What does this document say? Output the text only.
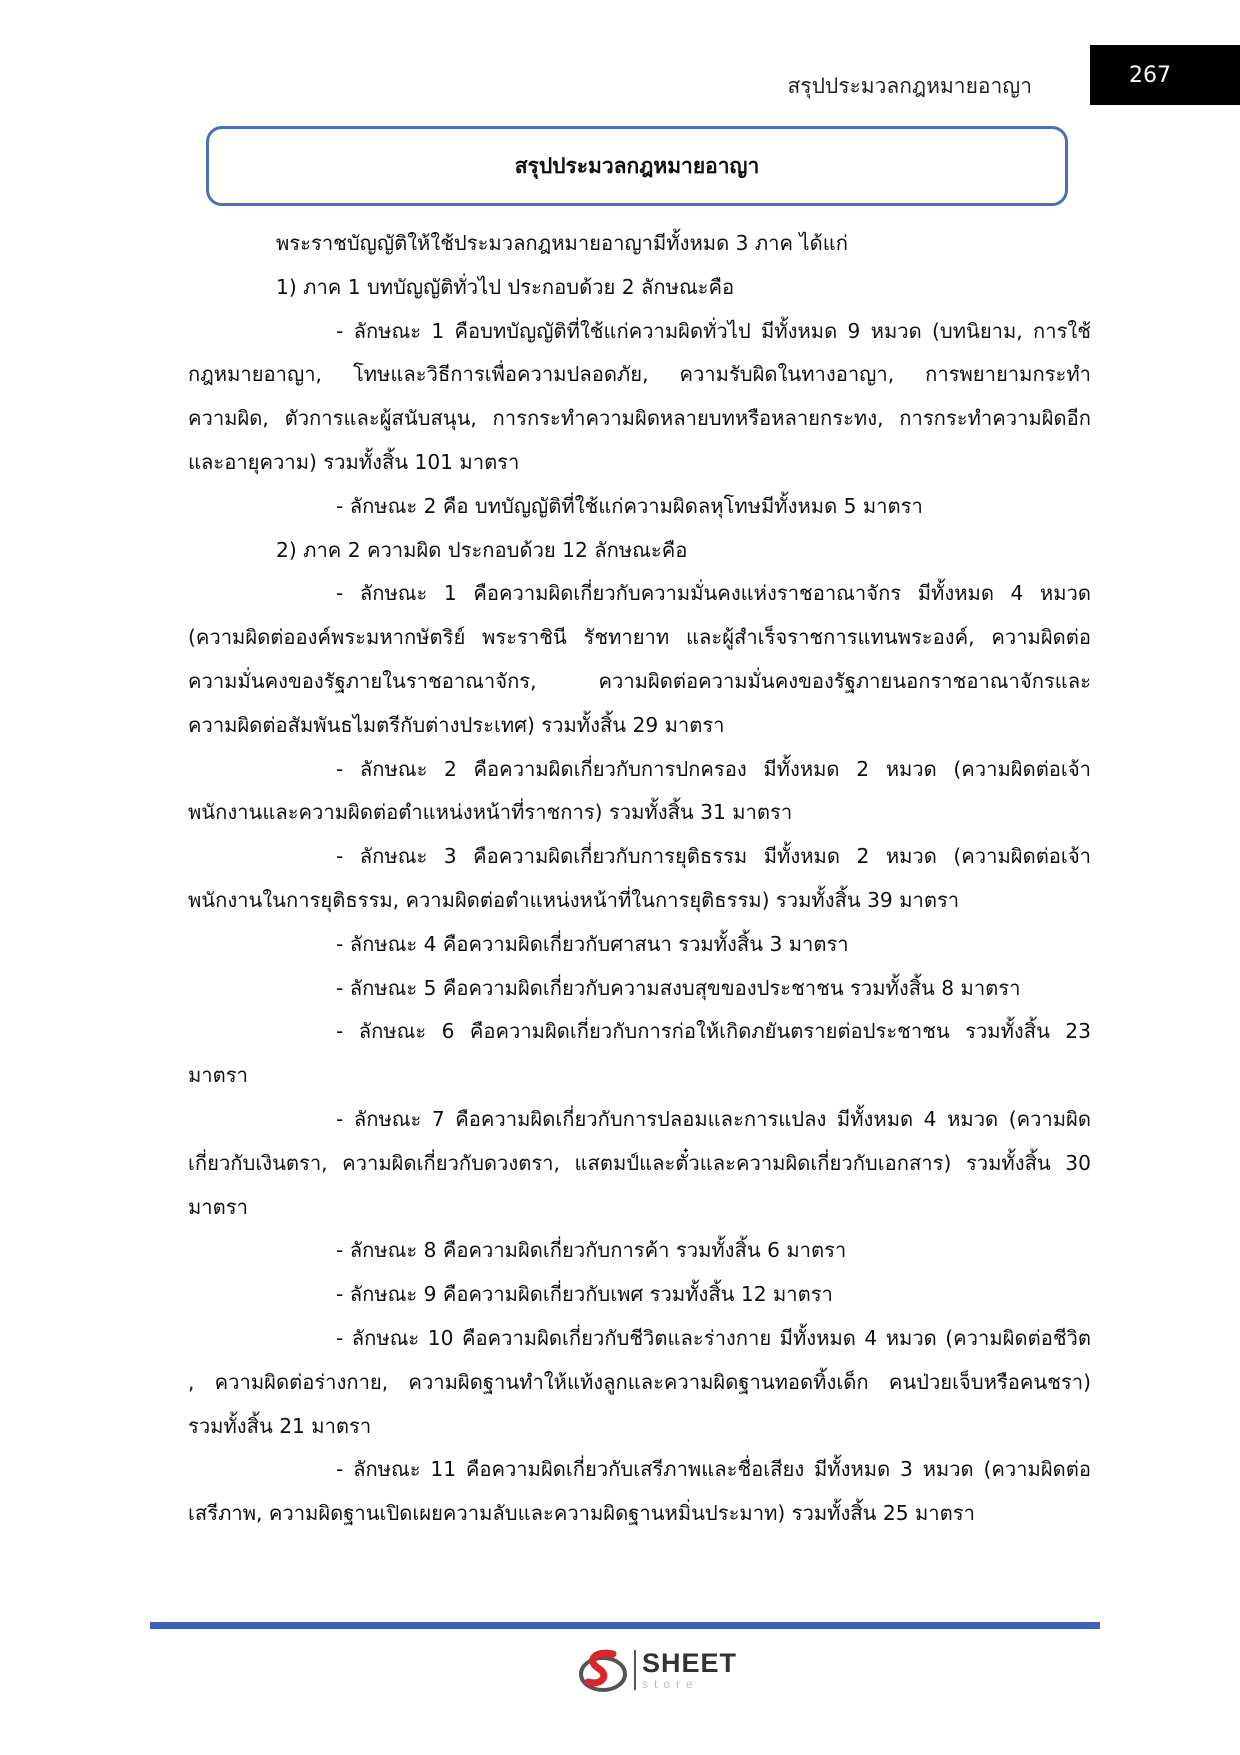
สรุปประมวลกฎหมายอาญา	267
สรุปประมวลกฎหมายอาญา
พระราชบัญญัติให้ใช้ประมวลกฎหมายอาญามีทั้งหมด 3 ภาค ได้แก่
1) ภาค 1 บทบัญญัติทั่วไป ประกอบด้วย 2 ลักษณะคือ
- ลักษณะ 1 คือบทบัญญัติที่ใช้แก่ความผิดทั่วไป มีทั้งหมด 9 หมวด (บทนิยาม, การใช้
กฎหมายอาญา, โทษและวิธีการเพื่อความปลอดภัย, ความรับผิดในทางอาญา, การพยายามกระทำ
ความผิด, ตัวการและผู้สนับสนุน, การกระทำความผิดหลายบทหรือหลายกระทง, การกระทำความผิดอีก
และอายุความ) รวมทั้งสิ้น 101 มาตรา
- ลักษณะ 2 คือ บทบัญญัติที่ใช้แก่ความผิดลหุโทษมีทั้งหมด 5 มาตรา
2) ภาค 2 ความผิด ประกอบด้วย 12 ลักษณะคือ
- ลักษณะ 1 คือความผิดเกี่ยวกับความมั่นคงแห่งราชอาณาจักร มีทั้งหมด 4 หมวด
(ความผิดต่อองค์พระมหากษัตริย์ พระราชินี รัชทายาท และผู้สำเร็จราชการแทนพระองค์, ความผิดต่อ
ความมั่นคงของรัฐภายในราชอาณาจักร, ความผิดต่อความมั่นคงของรัฐภายนอกราชอาณาจักรและ
ความผิดต่อสัมพันธไมตรีกับต่างประเทศ) รวมทั้งสิ้น 29 มาตรา
- ลักษณะ 2 คือความผิดเกี่ยวกับการปกครอง มีทั้งหมด 2 หมวด (ความผิดต่อเจ้า
พนักงานและความผิดต่อตำแหน่งหน้าที่ราชการ) รวมทั้งสิ้น 31 มาตรา
- ลักษณะ 3 คือความผิดเกี่ยวกับการยุติธรรม มีทั้งหมด 2 หมวด (ความผิดต่อเจ้า
พนักงานในการยุติธรรม, ความผิดต่อตำแหน่งหน้าที่ในการยุติธรรม) รวมทั้งสิ้น 39 มาตรา
- ลักษณะ 4 คือความผิดเกี่ยวกับศาสนา รวมทั้งสิ้น 3 มาตรา
- ลักษณะ 5 คือความผิดเกี่ยวกับความสงบสุขของประชาชน รวมทั้งสิ้น 8 มาตรา
- ลักษณะ 6 คือความผิดเกี่ยวกับการก่อให้เกิดภยันตรายต่อประชาชน รวมทั้งสิ้น 23
มาตรา
- ลักษณะ 7 คือความผิดเกี่ยวกับการปลอมและการแปลง มีทั้งหมด 4 หมวด (ความผิด
เกี่ยวกับเงินตรา, ความผิดเกี่ยวกับดวงตรา, แสตมป์และตั๋วและความผิดเกี่ยวกับเอกสาร) รวมทั้งสิ้น 30
มาตรา
- ลักษณะ 8 คือความผิดเกี่ยวกับการค้า รวมทั้งสิ้น 6 มาตรา
- ลักษณะ 9 คือความผิดเกี่ยวกับเพศ รวมทั้งสิ้น 12 มาตรา
- ลักษณะ 10 คือความผิดเกี่ยวกับชีวิตและร่างกาย มีทั้งหมด 4 หมวด (ความผิดต่อชีวิต
, ความผิดต่อร่างกาย, ความผิดฐานทำให้แท้งลูกและความผิดฐานทอดทิ้งเด็ก คนป่วยเจ็บหรือคนชรา)
รวมทั้งสิ้น 21 มาตรา
- ลักษณะ 11 คือความผิดเกี่ยวกับเสรีภาพและชื่อเสียง มีทั้งหมด 3 หมวด (ความผิดต่อ
เสรีภาพ, ความผิดฐานเปิดเผยความลับและความผิดฐานหมิ่นประมาท) รวมทั้งสิ้น 25 มาตรา
SHEET
store
